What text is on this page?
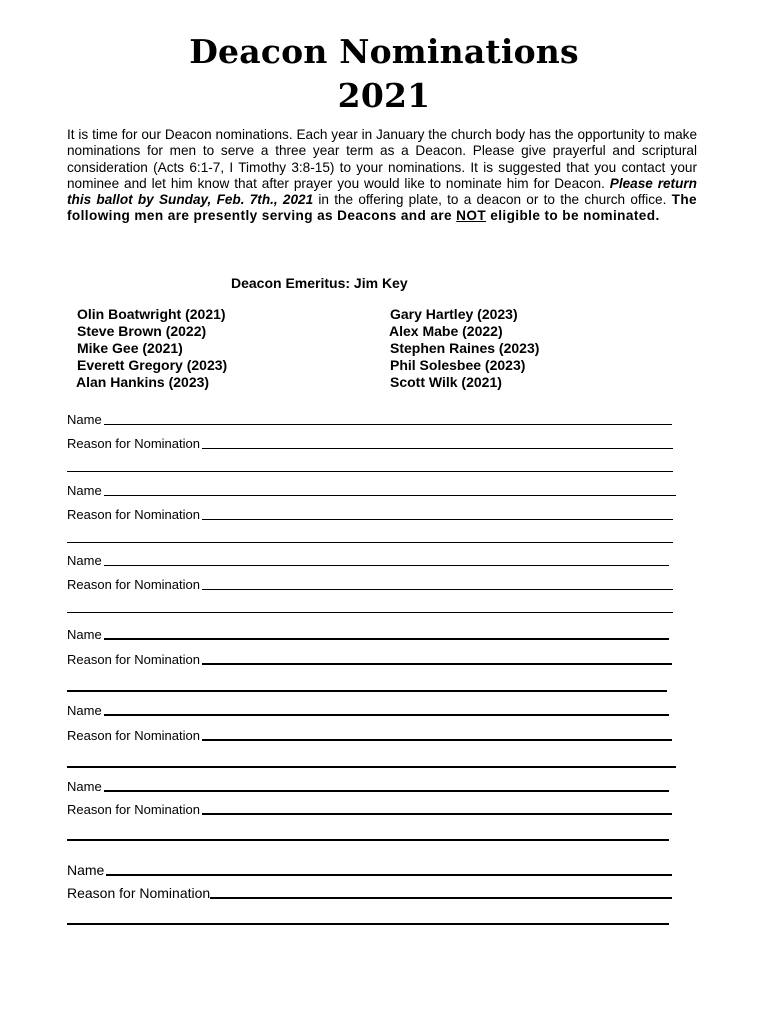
Deacon Nominations
2021
It is time for our Deacon nominations. Each year in January the church body has the opportunity to make nominations for men to serve a three year term as a Deacon. Please give prayerful and scriptural consideration (Acts 6:1-7, I Timothy 3:8-15) to your nominations. It is suggested that you contact your nominee and let him know that after prayer you would like to nominate him for Deacon. Please return this ballot by Sunday, Feb. 7th., 2021 in the offering plate, to a deacon or to the church office. The following men are presently serving as Deacons and are NOT eligible to be nominated.
Deacon Emeritus: Jim Key
Olin Boatwright (2021)
Steve Brown (2022)
Mike Gee (2021)
Everett Gregory (2023)
Alan Hankins (2023)
Gary Hartley (2023)
Alex Mabe (2022)
Stephen Raines (2023)
Phil Solesbee (2023)
Scott Wilk (2021)
Name
Reason for Nomination
Name
Reason for Nomination
Name
Reason for Nomination
Name
Reason for Nomination
Name
Reason for Nomination
Name
Reason for Nomination
Name
Reason for Nomination
